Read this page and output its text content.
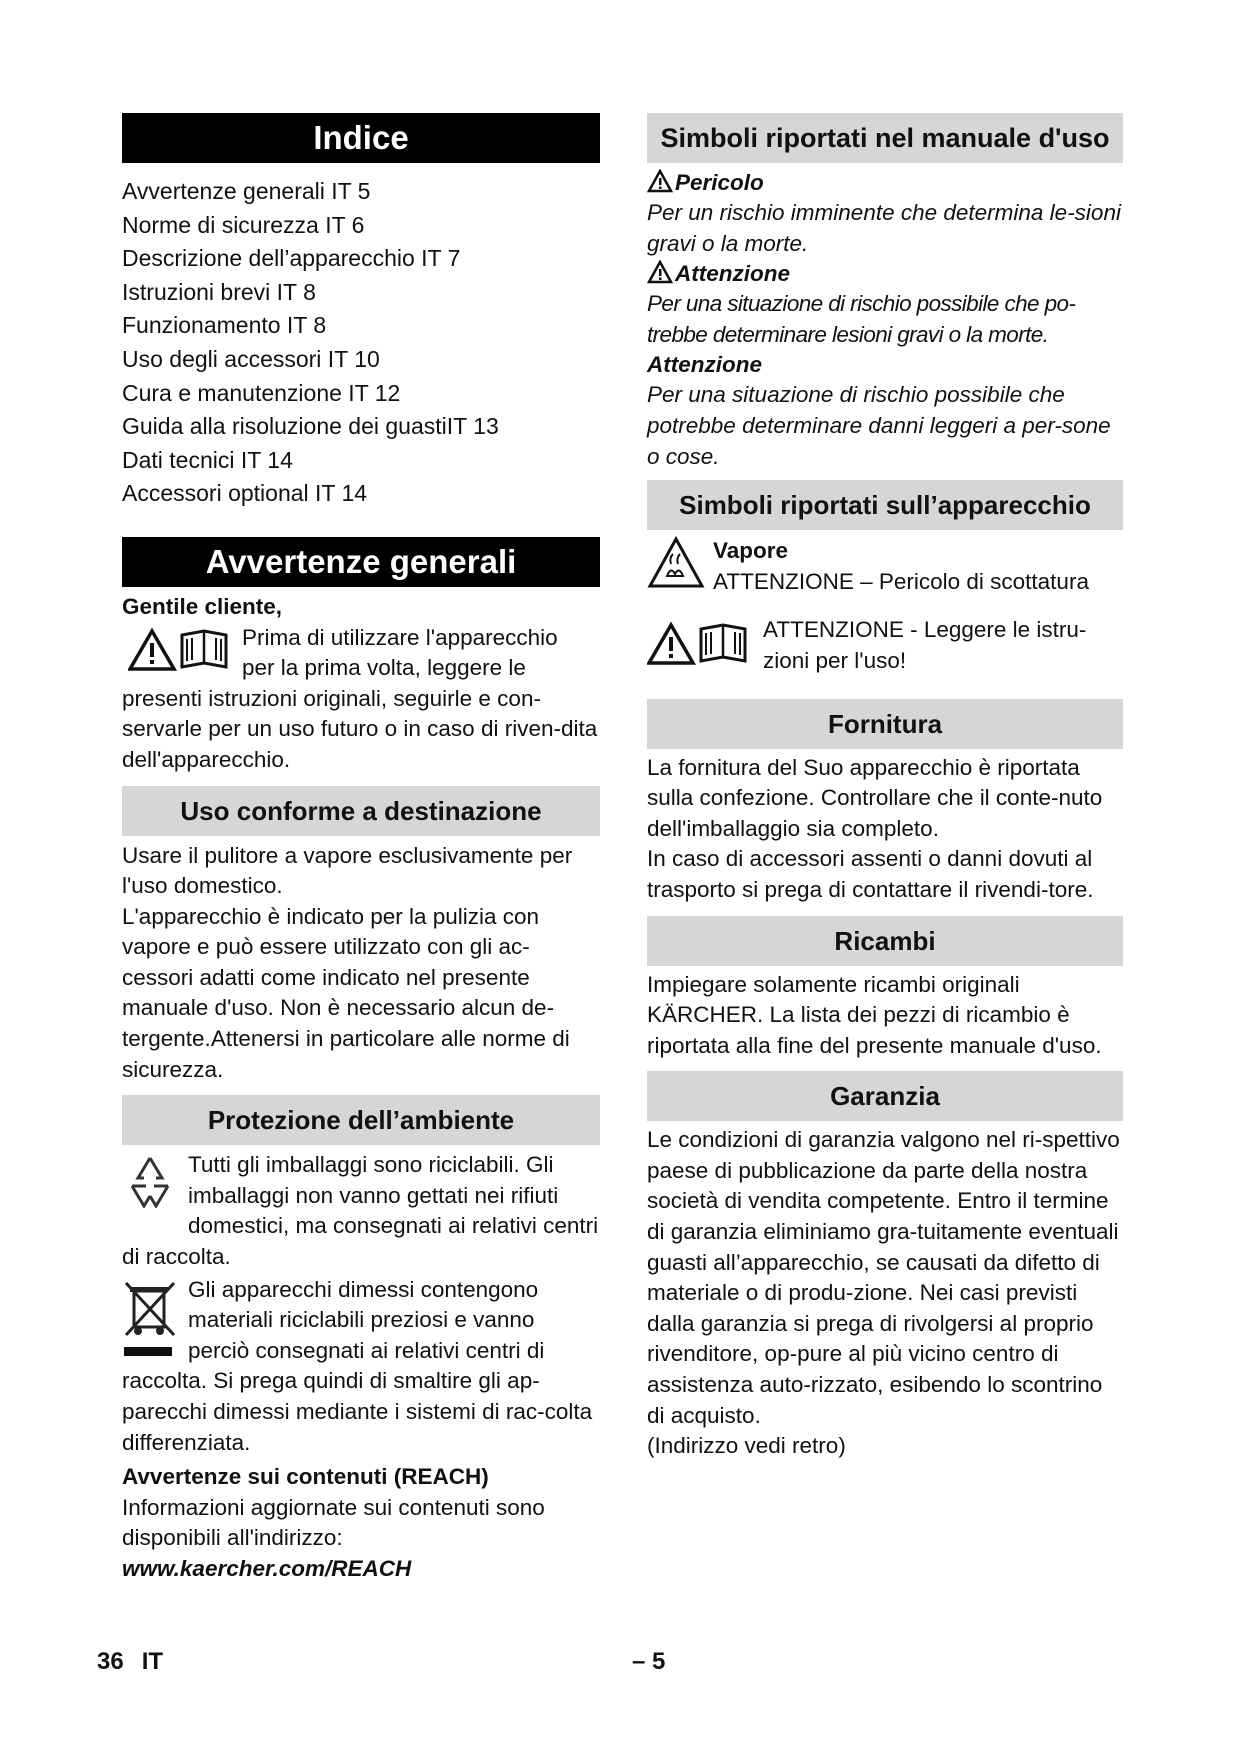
Indice
Avvertenze generali IT 5
Norme di sicurezza IT 6
Descrizione dell’apparecchio IT 7
Istruzioni brevi IT 8
Funzionamento IT 8
Uso degli accessori IT 10
Cura e manutenzione IT 12
Guida alla risoluzione dei guastiIT 13
Dati tecnici IT 14
Accessori optional IT 14
Avvertenze generali

Gentile cliente,

Prima di utilizzare l'apparecchio

per la prima volta, leggere le

presenti istruzioni originali, seguirle e con-servarle per un uso futuro o in caso di riven-dita dell'apparecchio.

Uso conforme a destinazione

Usare il pulitore a vapore esclusivamente per l'uso domestico.

L'apparecchio è indicato per la pulizia con vapore e può essere utilizzato con gli ac-cessori adatti come indicato nel presente manuale d'uso. Non è necessario alcun de-tergente.Attenersi in particolare alle norme di sicurezza.

Protezione dell’ambiente

Tutti gli imballaggi sono riciclabili. Gli imballaggi non vanno gettati nei rifiuti domestici, ma consegnati ai relativi centri di raccolta.

Gli apparecchi dimessi contengono materiali riciclabili preziosi e vanno perciò consegnati ai relativi centri di raccolta. Si prega quindi di smaltire gli ap-parecchi dimessi mediante i sistemi di rac-colta differenziata.

Avvertenze sui contenuti (REACH)

Informazioni aggiornate sui contenuti sono disponibili all'indirizzo:

www.kaercher.com/REACH

Simboli riportati nel manuale d'uso

Pericolo

Per un rischio imminente che determina le-sioni gravi o la morte.

Attenzione

Per una situazione di rischio possibile che po-trebbe determinare lesioni gravi o la morte.

Attenzione

Per una situazione di rischio possibile che potrebbe determinare danni leggeri a per-sone o cose.

Simboli riportati sull’apparecchio

Vapore

ATTENZIONE – Pericolo di scottatura

ATTENZIONE - Leggere le istru-zioni per l'uso!

Fornitura

La fornitura del Suo apparecchio è riportata sulla confezione. Controllare che il conte-nuto dell'imballaggio sia completo.

In caso di accessori assenti o danni dovuti al trasporto si prega di contattare il rivendi-tore.

Ricambi

Impiegare solamente ricambi originali KÄRCHER. La lista dei pezzi di ricambio è riportata alla fine del presente manuale d'uso.

Garanzia

Le condizioni di garanzia valgono nel ri-spettivo paese di pubblicazione da parte della nostra società di vendita competente. Entro il termine di garanzia eliminiamo gra-tuitamente eventuali guasti all’apparecchio, se causati da difetto di materiale o di produ-zione. Nei casi previsti dalla garanzia si prega di rivolgersi al proprio rivenditore, op-pure al più vicino centro di assistenza auto-rizzato, esibendo lo scontrino di acquisto.

(Indirizzo vedi retro)

36 IT	– 5
